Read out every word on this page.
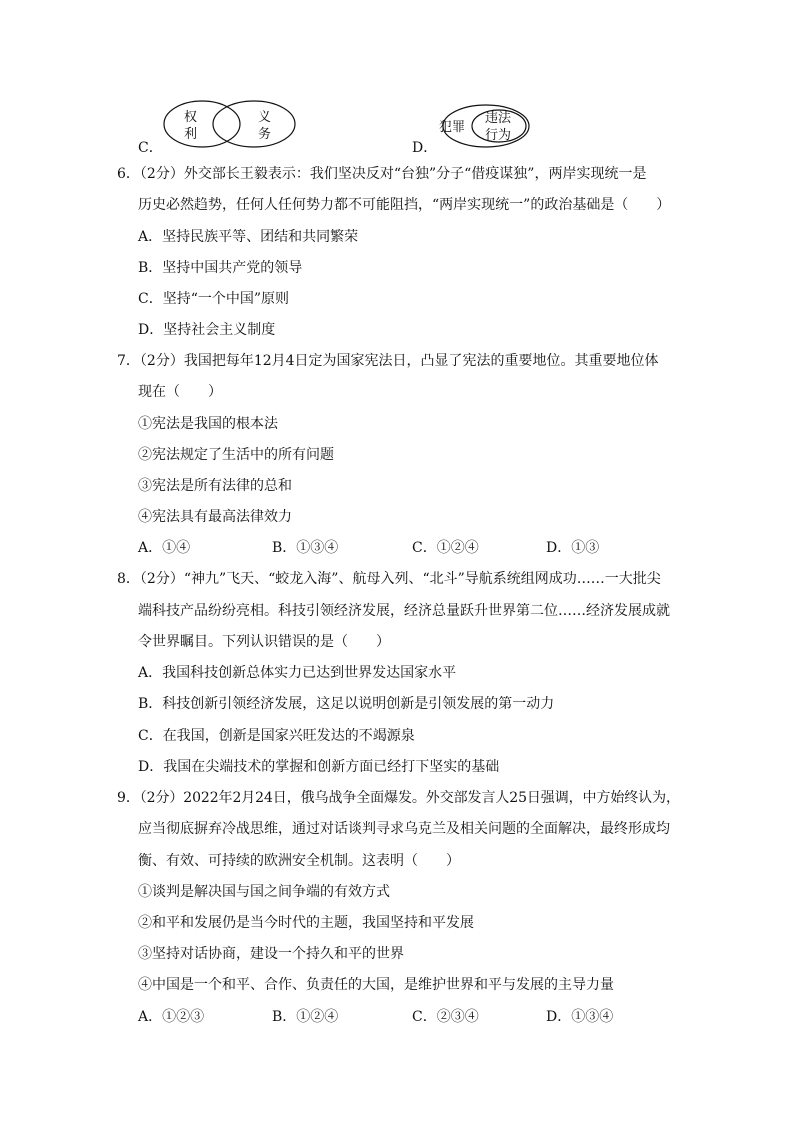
C．
权
利
义
务
D．
犯罪
违法
行为
6．（2分）外交部长王毅表示：我们坚决反对“台独”分子“借疫谋独”，两岸实现统一是
历史必然趋势，任何人任何势力都不可能阻挡，“两岸实现统一”的政治基础是（　　）
A．坚持民族平等、团结和共同繁荣
B．坚持中国共产党的领导
C．坚持“一个中国”原则
D．坚持社会主义制度
7．（2分）我国把每年12月4日定为国家宪法日，凸显了宪法的重要地位。其重要地位体
现在（　　）
①宪法是我国的根本法
②宪法规定了生活中的所有问题
③宪法是所有法律的总和
④宪法具有最高法律效力
A．①④	B．①③④	C．①②④	D．①③
8．（2分）“神九”飞天、“蛟龙入海”、航母入列、“北斗”导航系统组网成功……一大批尖
端科技产品纷纷亮相。科技引领经济发展，经济总量跃升世界第二位……经济发展成就
令世界瞩目。下列认识错误的是（　　）
A．我国科技创新总体实力已达到世界发达国家水平
B．科技创新引领经济发展，这足以说明创新是引领发展的第一动力
C．在我国，创新是国家兴旺发达的不竭源泉
D．我国在尖端技术的掌握和创新方面已经打下坚实的基础
9．（2分）2022年2月24日，俄乌战争全面爆发。外交部发言人25日强调，中方始终认为，
应当彻底摒弃冷战思维，通过对话谈判寻求乌克兰及相关问题的全面解决，最终形成均
衡、有效、可持续的欧洲安全机制。这表明（　　）
①谈判是解决国与国之间争端的有效方式
②和平和发展仍是当今时代的主题，我国坚持和平发展
③坚持对话协商，建设一个持久和平的世界
④中国是一个和平、合作、负责任的大国，是维护世界和平与发展的主导力量
A．①②③	B．①②④	C．②③④	D．①③④
